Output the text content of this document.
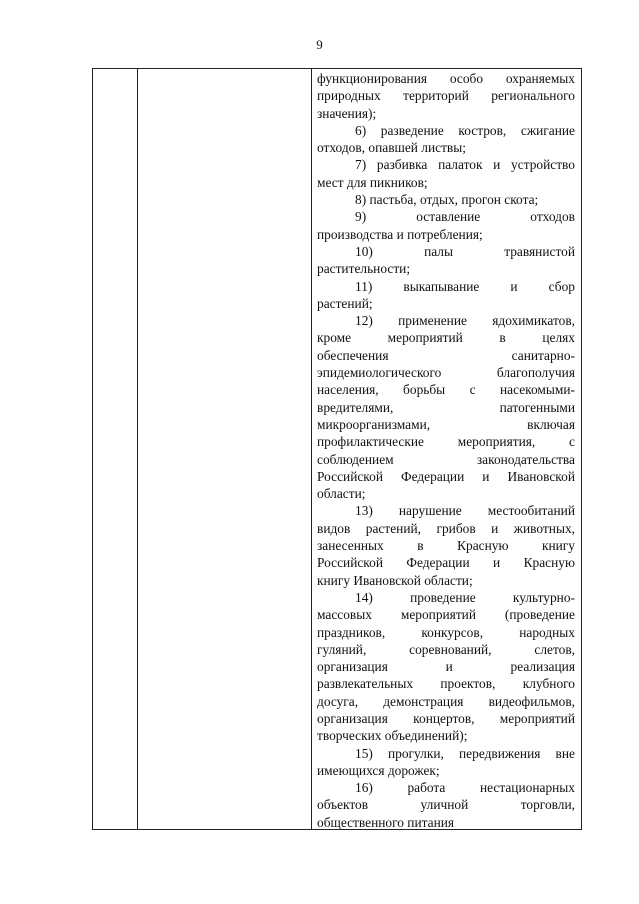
9
функционирования особо охраняемых
природных территорий регионального
значения);
6) разведение костров, сжигание
отходов, опавшей листвы;
7) разбивка палаток и устройство
мест для пикников;
8) пастьба, отдых, прогон скота;
9) оставление отходов
производства и потребления;
10) палы травянистой
растительности;
11) выкапывание и сбор
растений;
12) применение ядохимикатов,
кроме мероприятий в целях
обеспечения санитарно-
эпидемиологического благополучия
населения, борьбы с насекомыми-
вредителями, патогенными
микроорганизмами, включая
профилактические мероприятия, с
соблюдением законодательства
Российской Федерации и Ивановской
области;
13) нарушение местообитаний
видов растений, грибов и животных,
занесенных в Красную книгу
Российской Федерации и Красную
книгу Ивановской области;
14) проведение культурно-
массовых мероприятий (проведение
праздников, конкурсов, народных
гуляний, соревнований, слетов,
организация и реализация
развлекательных проектов, клубного
досуга, демонстрация видеофильмов,
организация концертов, мероприятий
творческих объединений);
15) прогулки, передвижения вне
имеющихся дорожек;
16) работа нестационарных
объектов уличной торговли,
общественного питания
